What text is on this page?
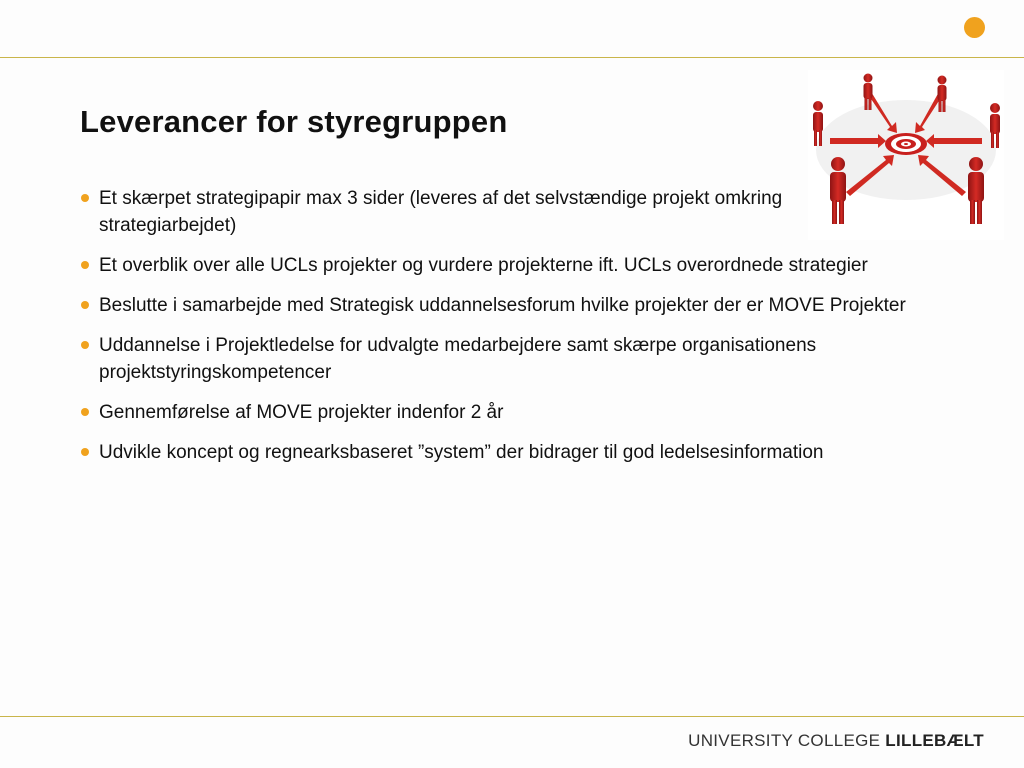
Leverancer for styregruppen
Et skærpet strategipapir max 3 sider (leveres af det selvstændige projekt omkring strategiarbejdet)
Et overblik over alle UCLs projekter og vurdere projekterne ift. UCLs overordnede strategier
Beslutte i samarbejde med Strategisk uddannelsesforum hvilke projekter der er MOVE Projekter
Uddannelse i Projektledelse for udvalgte medarbejdere samt skærpe organisationens projektstyringskompetencer
Gennemførelse af MOVE projekter indenfor 2 år
Udvikle koncept og regnearksbaseret ”system” der bidrager til god ledelsesinformation
UNIVERSITY COLLEGE LILLEBÆLT
